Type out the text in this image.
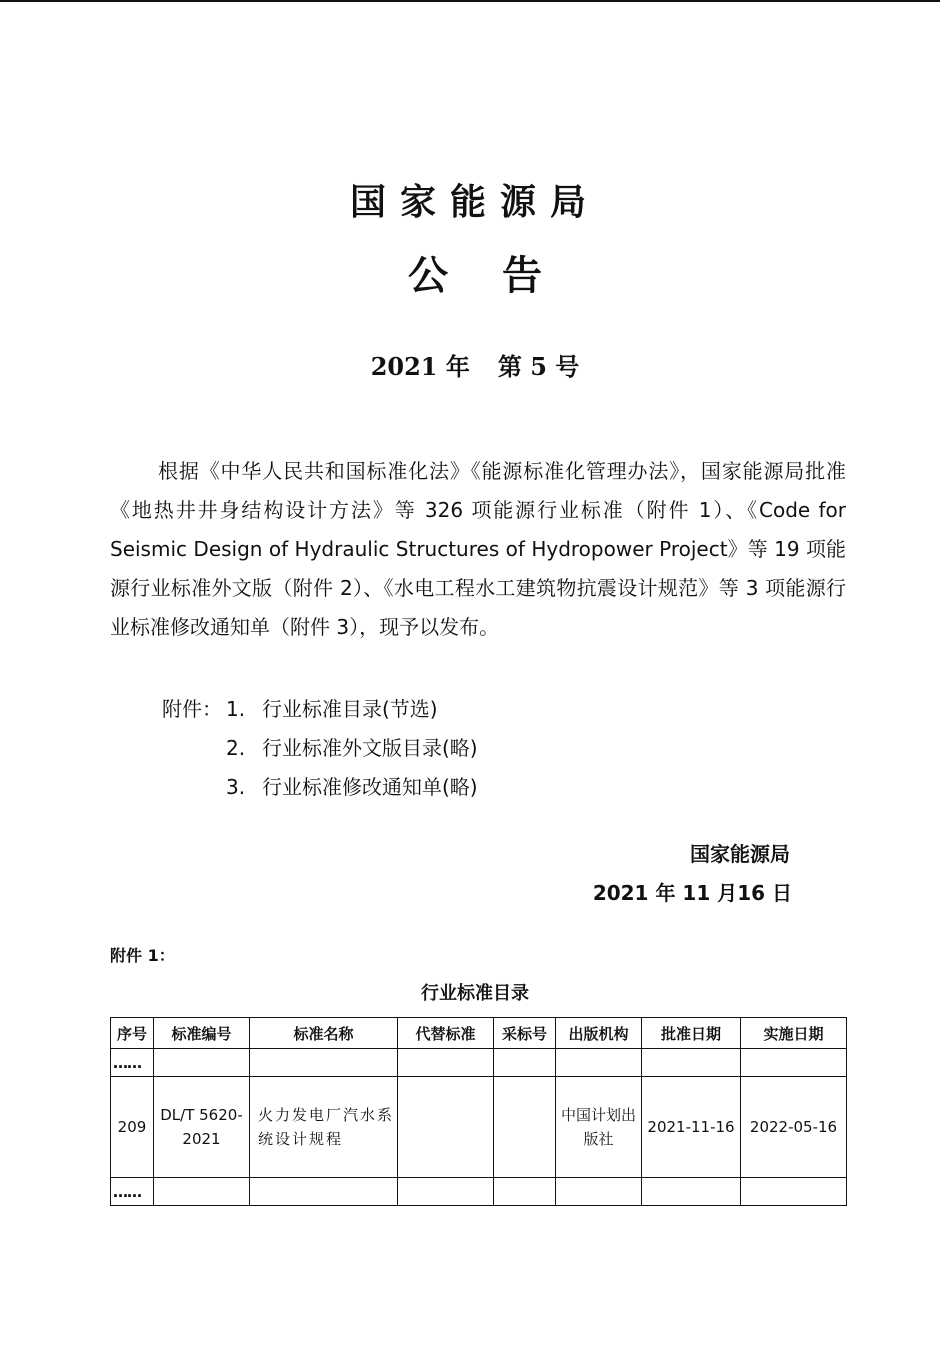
国家能源局
公 告
2021 年 第 5 号

根据《中华人民共和国标准化法》《能源标准化管理办法》，国家能源局批准《地热井井身结构设计方法》等 326 项能源行业标准（附件 1）、《Code for Seismic Design of Hydraulic Structures of Hydropower Project》等 19 项能源行业标准外文版（附件 2）、《水电工程水工建筑物抗震设计规范》等 3 项能源行业标准修改通知单（附件 3），现予以发布。

附件： 1. 行业标准目录(节选)
2. 行业标准外文版目录(略)
3. 行业标准修改通知单(略)
国家能源局
2021 年 11 月16 日
附件 1：
行业标准目录
序号	标准编号	标准名称	代替标准	采标号	出版机构	批准日期	实施日期
……							
209	DL/T 5620-2021	火力发电厂汽水系统设计规程			中国计划出版社	2021-11-16	2022-05-16
……							
